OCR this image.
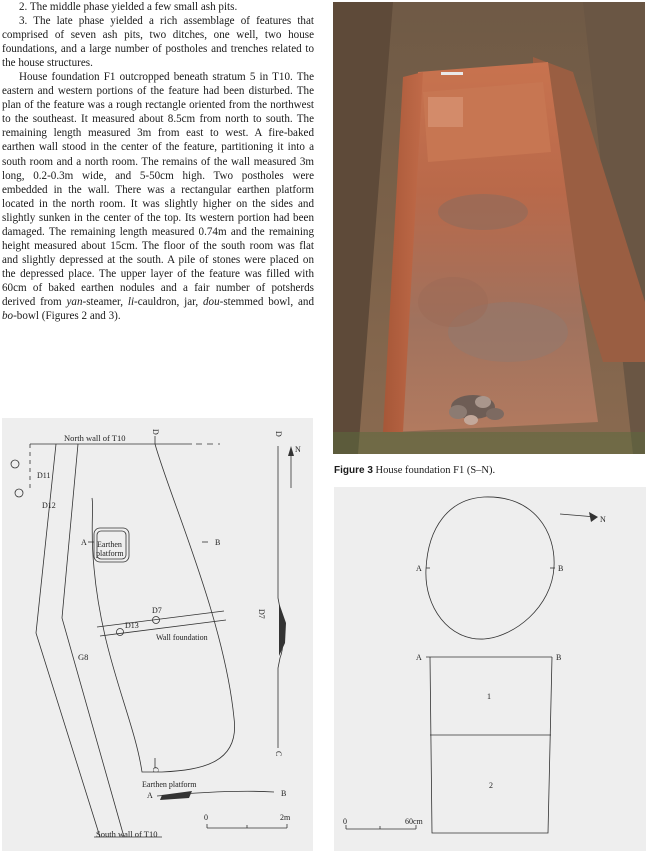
2. The middle phase yielded a few small ash pits.

3. The late phase yielded a rich assemblage of features that comprised of seven ash pits, two ditches, one well, two house foundations, and a large number of postholes and trenches related to the house structures.

House foundation F1 outcropped beneath stratum 5 in T10. The eastern and western portions of the feature had been disturbed. The plan of the feature was a rough rectangle oriented from the northwest to the southeast. It measured about 8.5cm from north to south. The remaining length measured 3m from east to west. A fire-baked earthen wall stood in the center of the feature, partitioning it into a south room and a north room. The remains of the wall measured 3m long, 0.2-0.3m wide, and 5-50cm high. Two postholes were embedded in the wall. There was a rectangular earthen platform located in the north room. It was slightly higher on the sides and slightly sunken in the center of the top. Its western portion had been damaged. The remaining length measured 0.74m and the remaining height measured about 15cm. The floor of the south room was flat and slightly depressed at the south. A pile of stones were placed on the depressed place. The upper layer of the feature was filled with 60cm of baked earthen nodules and a fair number of potsherds derived from yan-steamer, li-cauldron, jar, dou-stemmed bowl, and bo-bowl (Figures 2 and 3).

Figure 3 House foundation F1 (S–N).
North wall of T10
South wall of T10
D11
D12
D7
D13
G8
Earthen
platform
Wall foundation
Earthen platform
A	B
A	B
D
C
D
C
D7
N
0	2m
A	B
A	B
1
2
N
0	60cm
